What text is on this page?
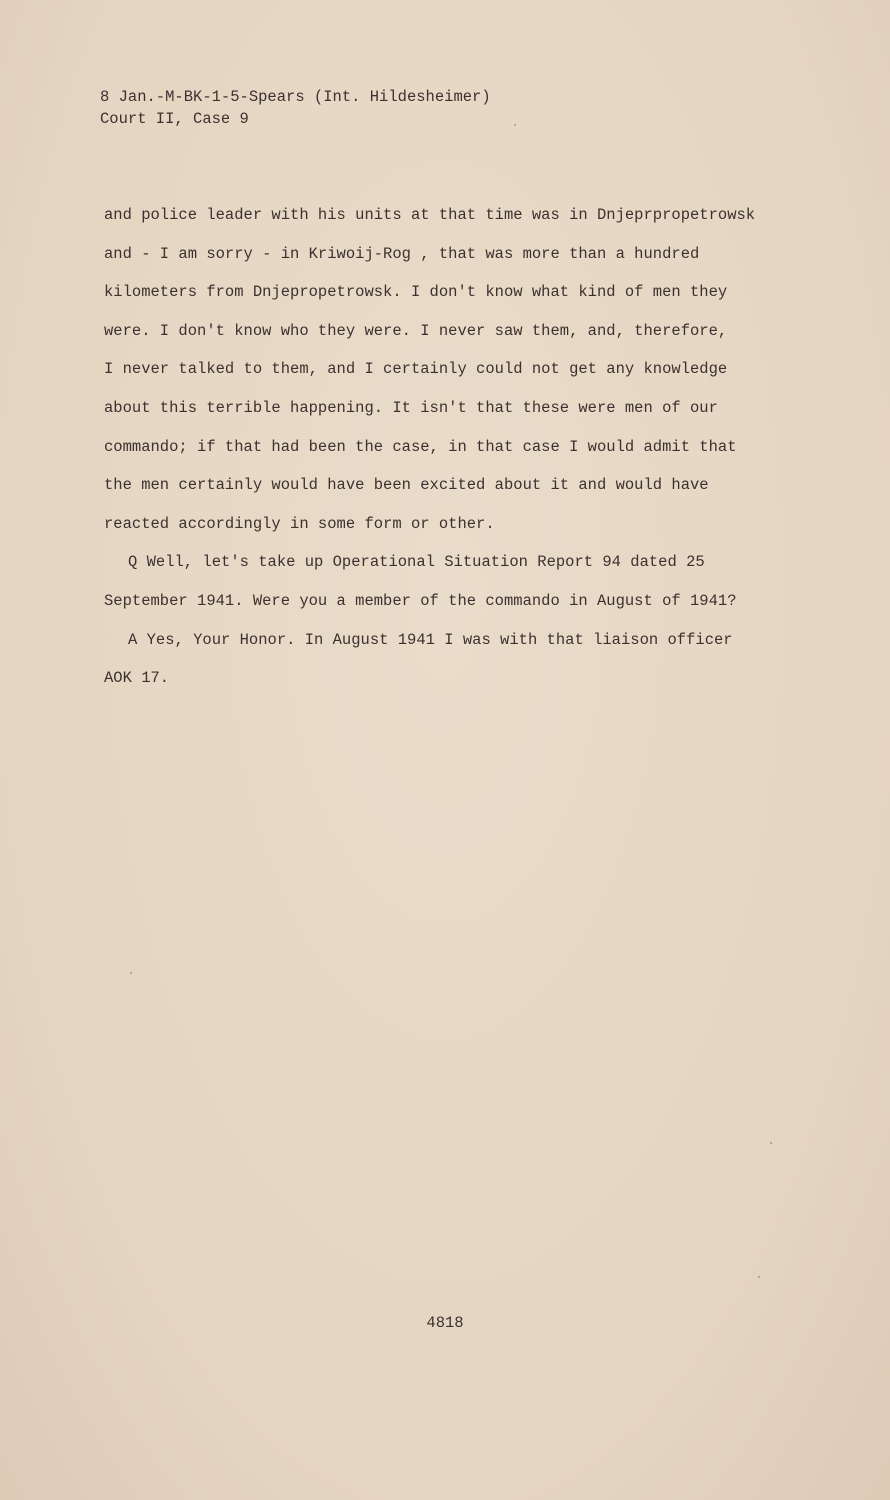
8 Jan.-M-BK-1-5-Spears (Int. Hildesheimer)
Court II, Case 9
and police leader with his units at that time was in Dnjeprpropetrowsk
and - I am sorry - in Kriwoij-Rog , that was more than a hundred
kilometers from Dnjepropetrowsk. I don't know what kind of men they
were. I don't know who they were. I never saw them, and, therefore,
I never talked to them, and I certainly could not get any knowledge
about this terrible happening. It isn't that these were men of our
commando; if that had been the case, in that case I would admit that
the men certainly would have been excited about it and would have
reacted accordingly in some form or other.
Q Well, let's take up Operational Situation Report 94 dated 25
September 1941. Were you a member of the commando in August of 1941?
A Yes, Your Honor. In August 1941 I was with that liaison officer
AOK 17.
4818
